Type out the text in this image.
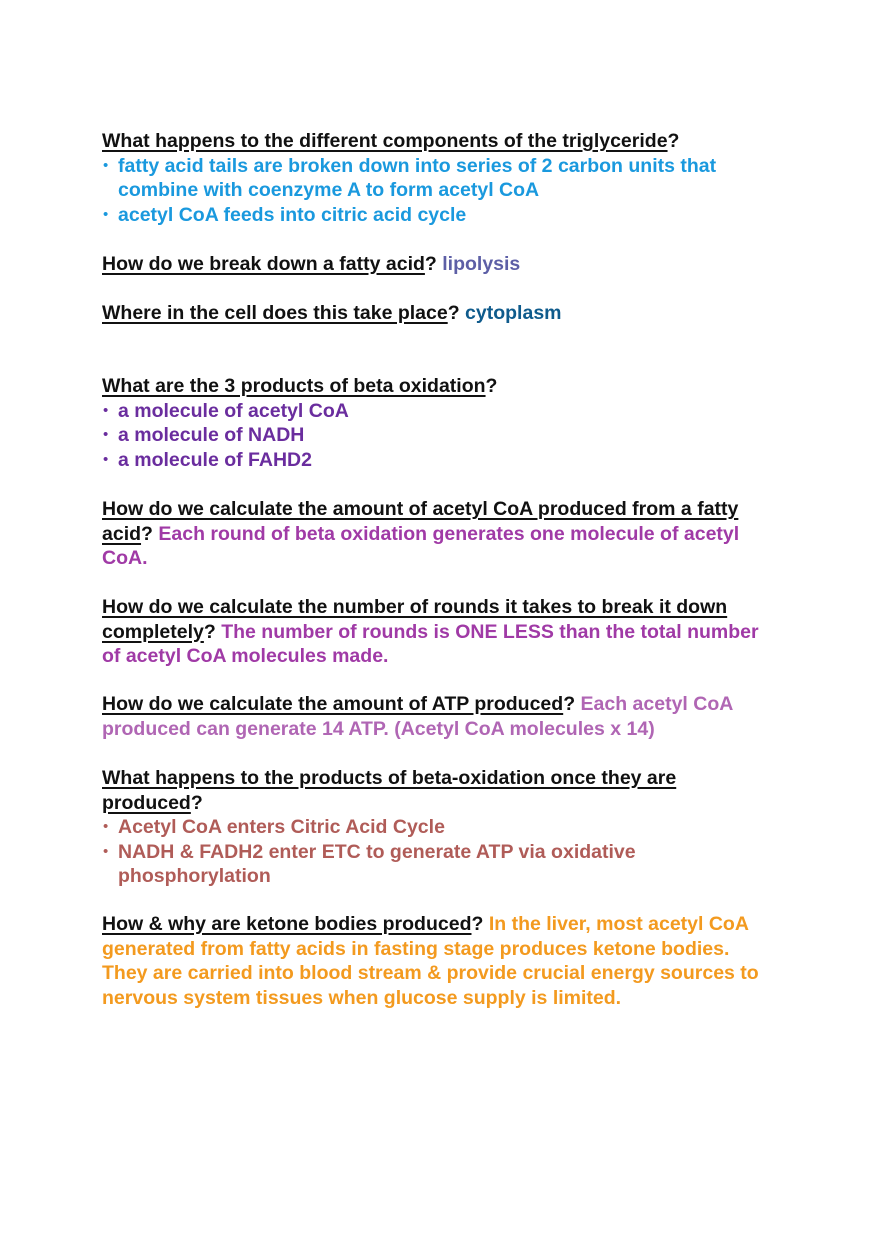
What happens to the different components of the triglyceride?
• fatty acid tails are broken down into series of 2 carbon units that combine with coenzyme A to form acetyl CoA
• acetyl CoA feeds into citric acid cycle
How do we break down a fatty acid? lipolysis
Where in the cell does this take place? cytoplasm
What are the 3 products of beta oxidation?
• a molecule of acetyl CoA
• a molecule of NADH
• a molecule of FAHD2
How do we calculate the amount of acetyl CoA produced from a fatty acid? Each round of beta oxidation generates one molecule of acetyl CoA.
How do we calculate the number of rounds it takes to break it down completely? The number of rounds is ONE LESS than the total number of acetyl CoA molecules made.
How do we calculate the amount of ATP produced? Each acetyl CoA produced can generate 14 ATP. (Acetyl CoA molecules x 14)
What happens to the products of beta-oxidation once they are produced?
• Acetyl CoA enters Citric Acid Cycle
• NADH & FADH2 enter ETC to generate ATP via oxidative phosphorylation
How & why are ketone bodies produced? In the liver, most acetyl CoA generated from fatty acids in fasting stage produces ketone bodies. They are carried into blood stream & provide crucial energy sources to nervous system tissues when glucose supply is limited.
